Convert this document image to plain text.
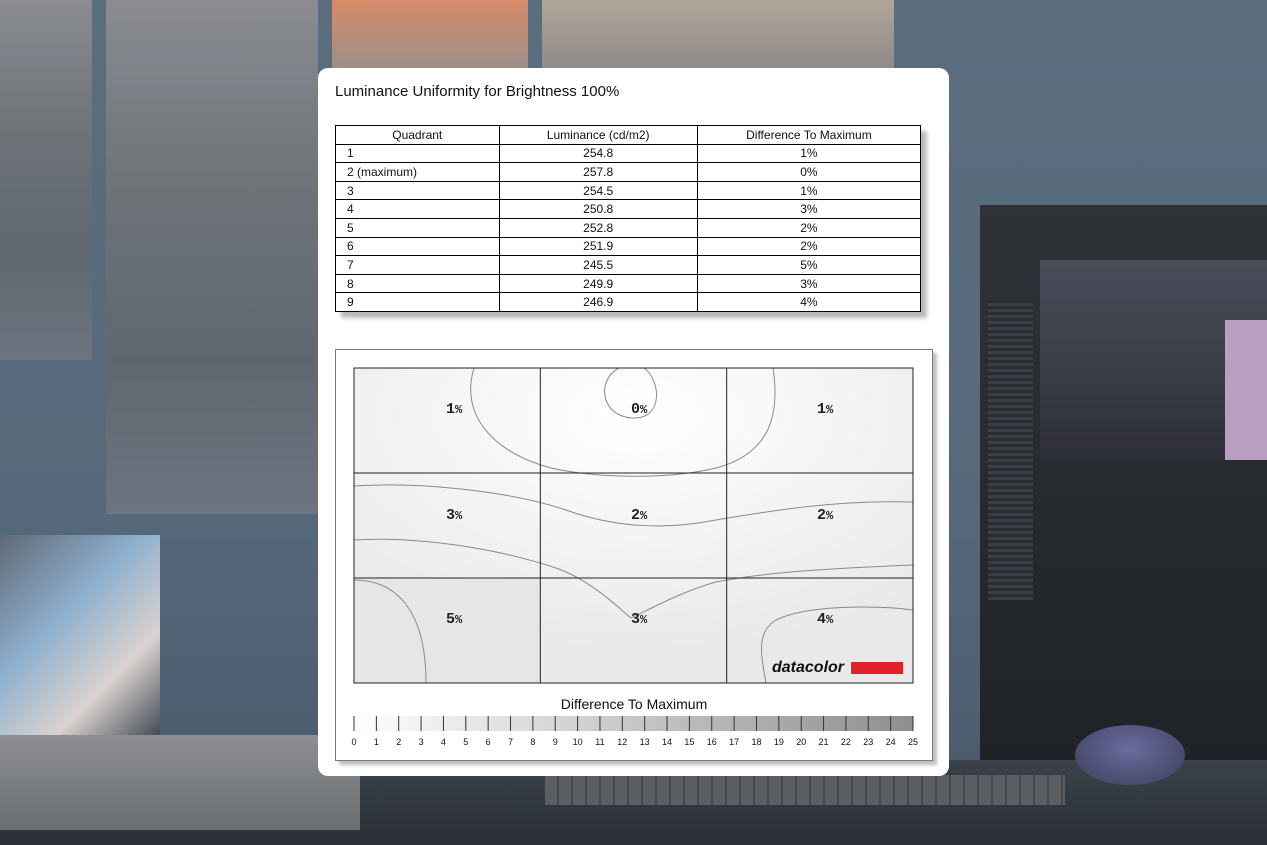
Luminance Uniformity for Brightness 100%
Quadrant	Luminance (cd/m2)	Difference To Maximum
1	254.8	1%
2 (maximum)	257.8	0%
3	254.5	1%
4	250.8	3%
5	252.8	2%
6	251.9	2%
7	245.5	5%
8	249.9	3%
9	246.9	4%
1%	0%	1%
3%	2%	2%
5%	3%	4%
datacolor
0 1 2 3 4 5 6 7 8 9 10 11 12 13 14 15 16 17 18 19 20 21 22 23 24 25
Difference To Maximum
